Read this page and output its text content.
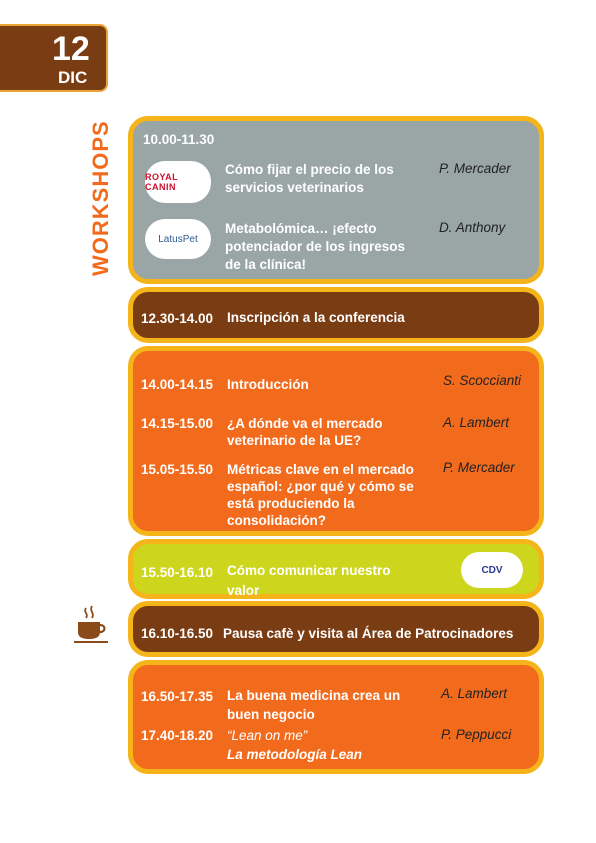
12
DIC
WORKSHOPS 10.00-11.30
ROYAL CANIN
Cómo fijar el precio de los
servicios veterinarios
P. Mercader
LatusPet
Metabolómica… ¡efecto
potenciador de los ingresos
de la clínica!
D. Anthony
12.30-14.00 Inscripción a la conferencia
14.00-14.15 Introducción	S. Scoccianti
14.15-15.00 ¿A dónde va el mercado
veterinario de la UE?
A. Lambert
15.05-15.50 Métricas clave en el mercado
español: ¿por qué y cómo se
está produciendo la
consolidación?
P. Mercader
15.50-16.10 Cómo comunicar nuestro
valor
CDV
16.10-16.50 Pausa cafè y visita al Área de Patrocinadores
16.50-17.35 La buena medicina crea un
buen negocio
A. Lambert
17.40-18.20 “Lean on me”
La metodología Lean
P. Peppucci
